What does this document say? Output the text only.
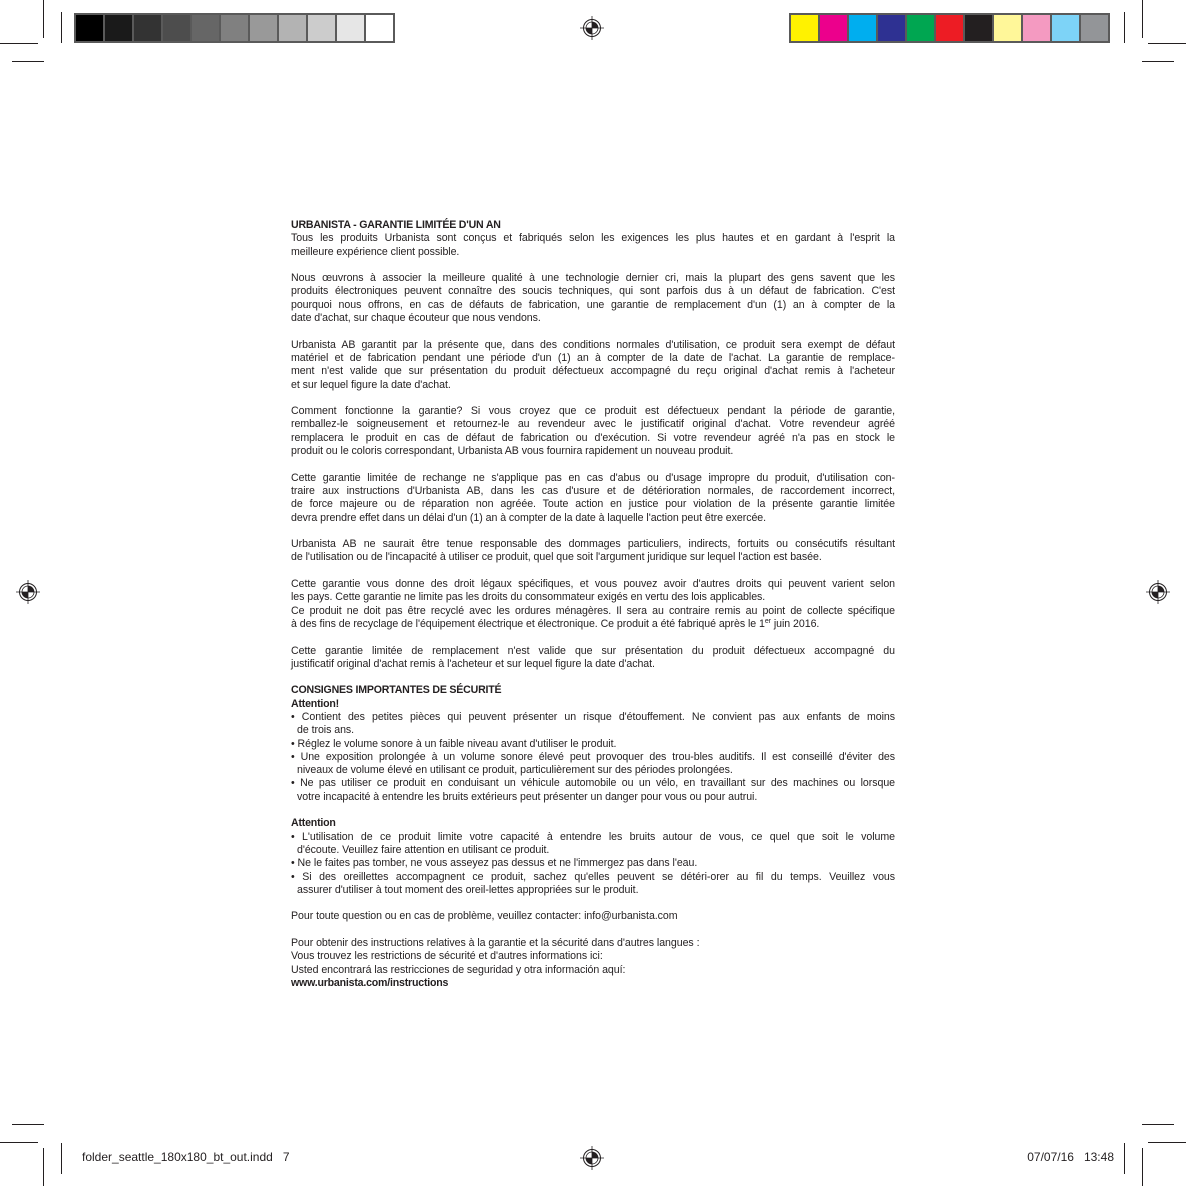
URBANISTA - GARANTIE LIMITÉE D'UN AN
Tous les produits Urbanista sont conçus et fabriqués selon les exigences les plus hautes et en gardant à l'esprit la
meilleure expérience client possible.
Nous œuvrons à associer la meilleure qualité à une technologie dernier cri, mais la plupart des gens savent que les
produits électroniques peuvent connaître des soucis techniques, qui sont parfois dus à un défaut de fabrication. C'est
pourquoi nous offrons, en cas de défauts de fabrication, une garantie de remplacement d'un (1) an à compter de la
date d'achat, sur chaque écouteur que nous vendons.
Urbanista AB garantit par la présente que, dans des conditions normales d'utilisation, ce produit sera exempt de défaut
matériel et de fabrication pendant une période d'un (1) an à compter de la date de l'achat. La garantie de remplace-
ment n'est valide que sur présentation du produit défectueux accompagné du reçu original d'achat remis à l'acheteur
et sur lequel figure la date d'achat.
Comment fonctionne la garantie? Si vous croyez que ce produit est défectueux pendant la période de garantie,
remballez-le soigneusement et retournez-le au revendeur avec le justificatif original d'achat. Votre revendeur agréé
remplacera le produit en cas de défaut de fabrication ou d'exécution. Si votre revendeur agréé n'a pas en stock le
produit ou le coloris correspondant, Urbanista AB vous fournira rapidement un nouveau produit.
Cette garantie limitée de rechange ne s'applique pas en cas d'abus ou d'usage impropre du produit, d'utilisation con-
traire aux instructions d'Urbanista AB, dans les cas d'usure et de détérioration normales, de raccordement incorrect,
de force majeure ou de réparation non agréée. Toute action en justice pour violation de la présente garantie limitée
devra prendre effet dans un délai d'un (1) an à compter de la date à laquelle l'action peut être exercée.
Urbanista AB ne saurait être tenue responsable des dommages particuliers, indirects, fortuits ou consécutifs résultant
de l'utilisation ou de l'incapacité à utiliser ce produit, quel que soit l'argument juridique sur lequel l'action est basée.
Cette garantie vous donne des droit légaux spécifiques, et vous pouvez avoir d'autres droits qui peuvent varient selon
les pays. Cette garantie ne limite pas les droits du consommateur exigés en vertu des lois applicables.
Ce produit ne doit pas être recyclé avec les ordures ménagères. Il sera au contraire remis au point de collecte spécifique
à des fins de recyclage de l'équipement électrique et électronique. Ce produit a été fabriqué après le 1er juin 2016.
Cette garantie limitée de remplacement n'est valide que sur présentation du produit défectueux accompagné du
justificatif original d'achat remis à l'acheteur et sur lequel figure la date d'achat.
CONSIGNES IMPORTANTES DE SÉCURITÉ
Attention!
• Contient des petites pièces qui peuvent présenter un risque d'étouffement. Ne convient pas aux enfants de moins
de trois ans.
• Réglez le volume sonore à un faible niveau avant d'utiliser le produit.
• Une exposition prolongée à un volume sonore élevé peut provoquer des trou-bles auditifs. Il est conseillé d'éviter des
niveaux de volume élevé en utilisant ce produit, particulièrement sur des périodes prolongées.
• Ne pas utiliser ce produit en conduisant un véhicule automobile ou un vélo, en travaillant sur des machines ou lorsque
votre incapacité à entendre les bruits extérieurs peut présenter un danger pour vous ou pour autrui.
Attention
• L'utilisation de ce produit limite votre capacité à entendre les bruits autour de vous, ce quel que soit le volume
d'écoute. Veuillez faire attention en utilisant ce produit.
• Ne le faites pas tomber, ne vous asseyez pas dessus et ne l'immergez pas dans l'eau.
• Si des oreillettes accompagnent ce produit, sachez qu'elles peuvent se détéri-orer au fil du temps. Veuillez vous
assurer d'utiliser à tout moment des oreil-lettes appropriées sur le produit.
Pour toute question ou en cas de problème, veuillez contacter: info@urbanista.com
Pour obtenir des instructions relatives à la garantie et la sécurité dans d'autres langues :
Vous trouvez les restrictions de sécurité et d'autres informations ici:
Usted encontrará las restricciones de seguridad y otra información aquí:
www.urbanista.com/instructions
folder_seattle_180x180_bt_out.indd   7	07/07/16   13:48
